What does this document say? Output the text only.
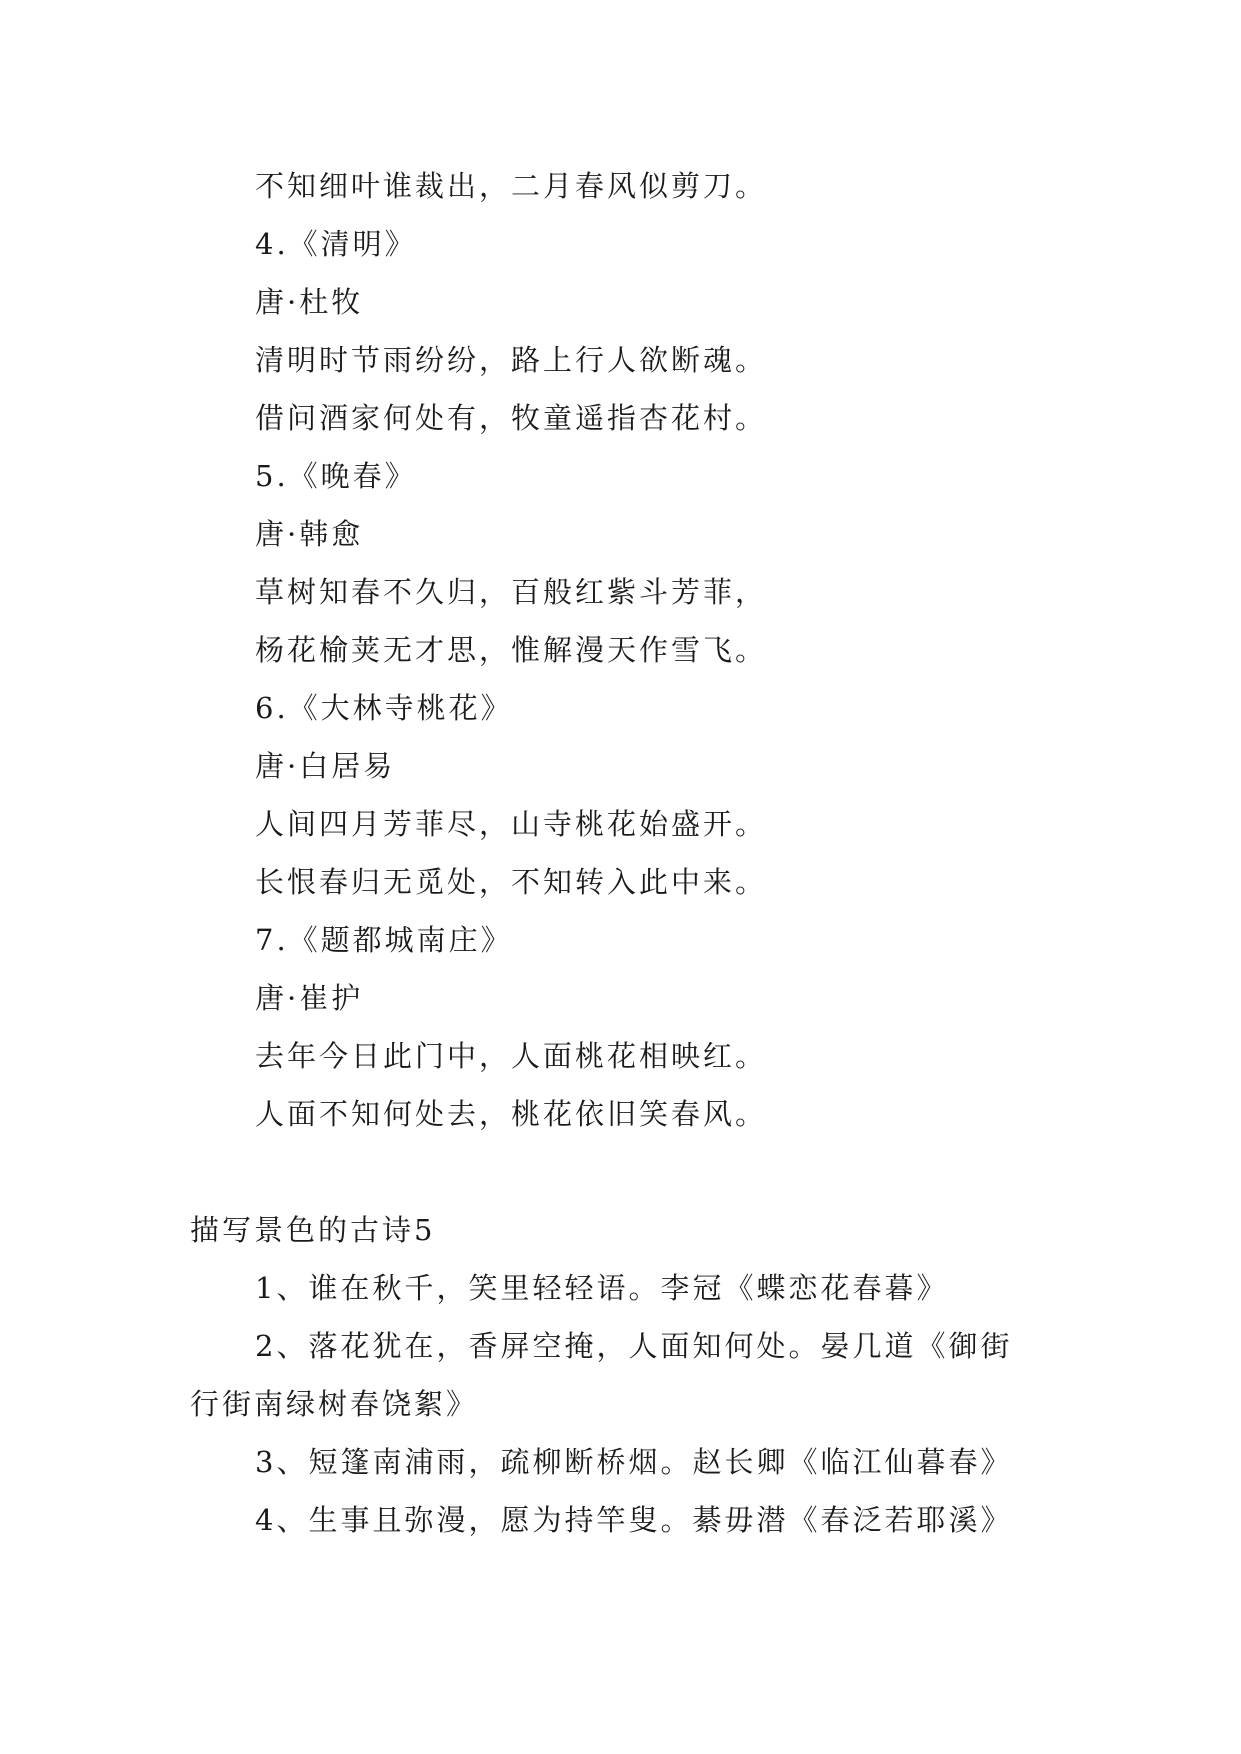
不知细叶谁裁出，二月春风似剪刀。
4.《清明》
唐·杜牧
清明时节雨纷纷，路上行人欲断魂。
借问酒家何处有，牧童遥指杏花村。
5.《晚春》
唐·韩愈
草树知春不久归，百般红紫斗芳菲，
杨花榆荚无才思，惟解漫天作雪飞。
6.《大林寺桃花》
唐·白居易
人间四月芳菲尽，山寺桃花始盛开。
长恨春归无觅处，不知转入此中来。
7.《题都城南庄》
唐·崔护
去年今日此门中，人面桃花相映红。
人面不知何处去，桃花依旧笑春风。
描写景色的古诗5
1、谁在秋千，笑里轻轻语。李冠《蝶恋花春暮》
2、落花犹在，香屏空掩，人面知何处。晏几道《御街
行街南绿树春饶絮》
3、短篷南浦雨，疏柳断桥烟。赵长卿《临江仙暮春》
4、生事且弥漫，愿为持竿叟。綦毋潜《春泛若耶溪》
